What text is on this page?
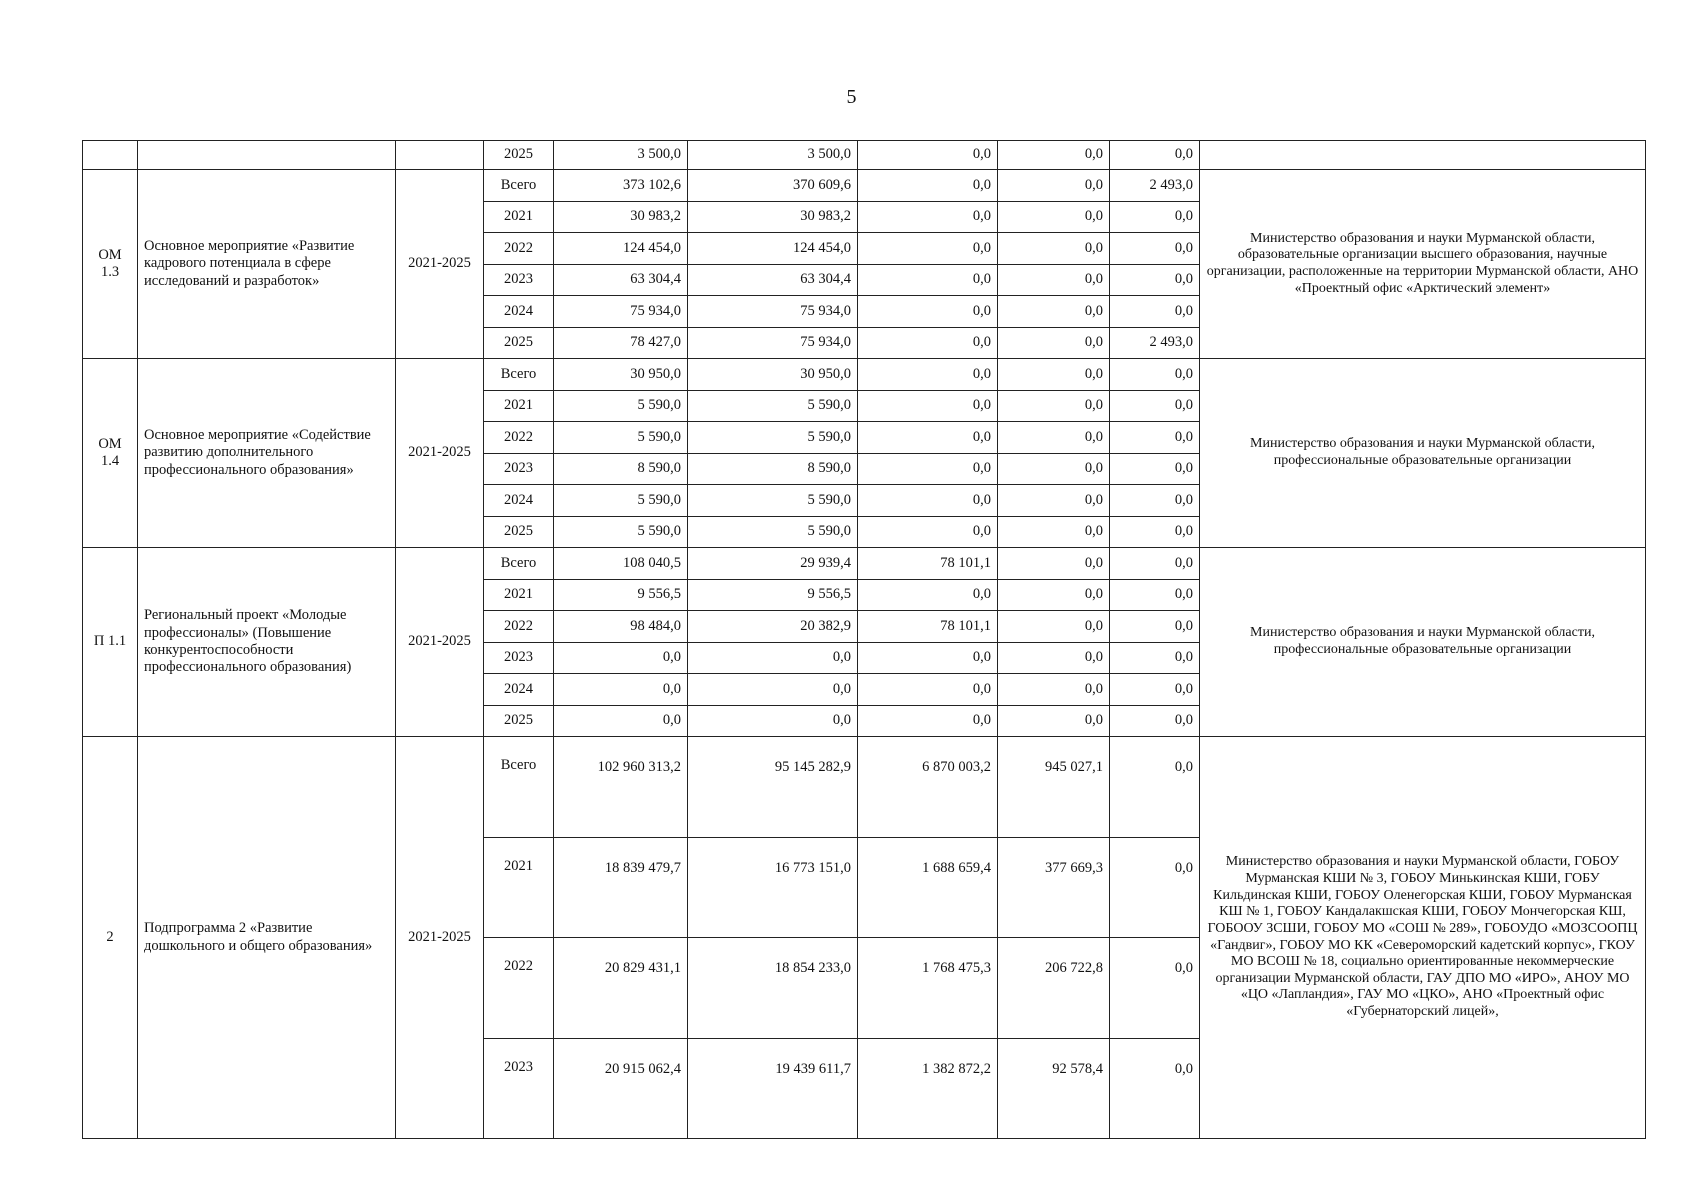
5
			2025	3 500,0	3 500,0	0,0	0,0	0,0	
ОМ 1.3	Основное мероприятие «Развитие кадрового потенциала в сфере исследований и разработок»	2021-2025	Всего	373 102,6	370 609,6	0,0	0,0	2 493,0	Министерство образования и науки Мурманской области, образовательные организации высшего образования, научные организации, расположенные на территории Мурманской области, АНО «Проектный офис «Арктический элемент»
			2021	30 983,2	30 983,2	0,0	0,0	0,0	
			2022	124 454,0	124 454,0	0,0	0,0	0,0	
			2023	63 304,4	63 304,4	0,0	0,0	0,0	
			2024	75 934,0	75 934,0	0,0	0,0	0,0	
			2025	78 427,0	75 934,0	0,0	0,0	2 493,0	
ОМ 1.4	Основное мероприятие «Содействие развитию дополнительного профессионального образования»	2021-2025	Всего	30 950,0	30 950,0	0,0	0,0	0,0	Министерство образования и науки Мурманской области, профессиональные образовательные организации
			2021	5 590,0	5 590,0	0,0	0,0	0,0	
			2022	5 590,0	5 590,0	0,0	0,0	0,0	
			2023	8 590,0	8 590,0	0,0	0,0	0,0	
			2024	5 590,0	5 590,0	0,0	0,0	0,0	
			2025	5 590,0	5 590,0	0,0	0,0	0,0	
П 1.1	Региональный проект «Молодые профессионалы» (Повышение конкурентоспособности профессионального образования)	2021-2025	Всего	108 040,5	29 939,4	78 101,1	0,0	0,0	Министерство образования и науки Мурманской области, профессиональные образовательные организации
			2021	9 556,5	9 556,5	0,0	0,0	0,0	
			2022	98 484,0	20 382,9	78 101,1	0,0	0,0	
			2023	0,0	0,0	0,0	0,0	0,0	
			2024	0,0	0,0	0,0	0,0	0,0	
			2025	0,0	0,0	0,0	0,0	0,0	
2	Подпрограмма 2 «Развитие дошкольного и общего образования»	2021-2025	Всего	102 960 313,2	95 145 282,9	6 870 003,2	945 027,1	0,0	Министерство образования и науки Мурманской области, ГОБОУ Мурманская КШИ № 3, ГОБОУ Минькинская КШИ, ГОБУ Кильдинская КШИ, ГОБОУ Оленегорская КШИ, ГОБОУ Мурманская КШ № 1, ГОБОУ Кандалакшская КШИ, ГОБОУ Мончегорская КШ, ГОБООУ ЗСШИ, ГОБОУ МО «СОШ № 289», ГОБОУДО «МОЗСООПЦ «Гандвиг», ГОБОУ МО КК «Североморский кадетский корпус», ГКОУ МО ВСОШ № 18, социально ориентированные некоммерческие организации Мурманской области, ГАУ ДПО МО «ИРО», АНОУ МО «ЦО «Лапландия», ГАУ МО «ЦКО», АНО «Проектный офис «Губернаторский лицей»,
			2021	18 839 479,7	16 773 151,0	1 688 659,4	377 669,3	0,0	
			2022	20 829 431,1	18 854 233,0	1 768 475,3	206 722,8	0,0	
			2023	20 915 062,4	19 439 611,7	1 382 872,2	92 578,4	0,0	
